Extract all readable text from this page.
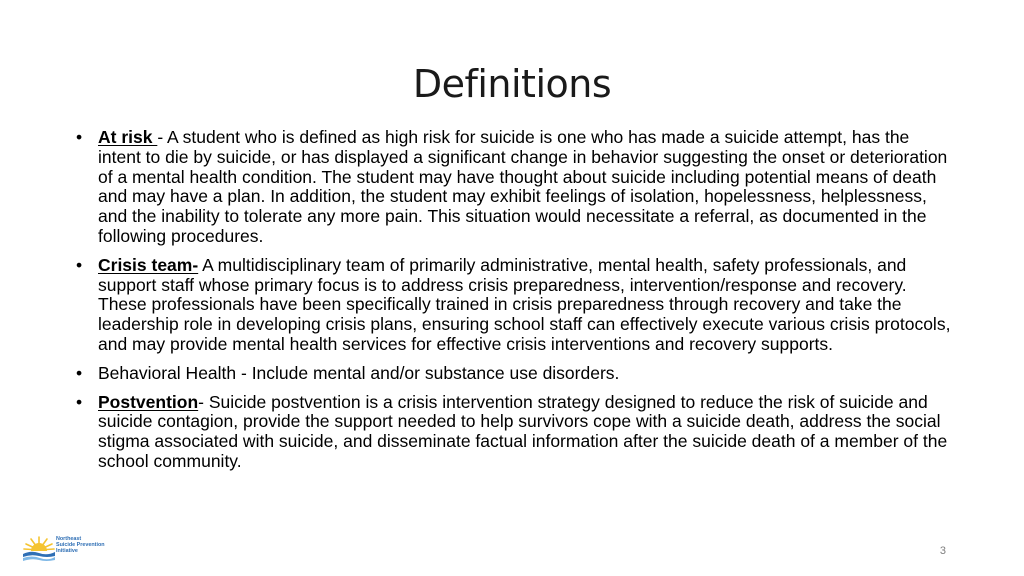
Definitions
• At risk - A student who is defined as high risk for suicide is one who has made a suicide attempt, has the intent to die by suicide, or has displayed a significant change in behavior suggesting the onset or deterioration of a mental health condition. The student may have thought about suicide including potential means of death and may have a plan. In addition, the student may exhibit feelings of isolation, hopelessness, helplessness, and the inability to tolerate any more pain. This situation would necessitate a referral, as documented in the following procedures.
• Crisis team- A multidisciplinary team of primarily administrative, mental health, safety professionals, and support staff whose primary focus is to address crisis preparedness, intervention/response and recovery. These professionals have been specifically trained in crisis preparedness through recovery and take the leadership role in developing crisis plans, ensuring school staff can effectively execute various crisis protocols, and may provide mental health services for effective crisis interventions and recovery supports.
• Behavioral Health - Include mental and/or substance use disorders.
• Postvention- Suicide postvention is a crisis intervention strategy designed to reduce the risk of suicide and suicide contagion, provide the support needed to help survivors cope with a suicide death, address the social stigma associated with suicide, and disseminate factual information after the suicide death of a member of the school community.
Northeast
Suicide Prevention
Initiative	3
